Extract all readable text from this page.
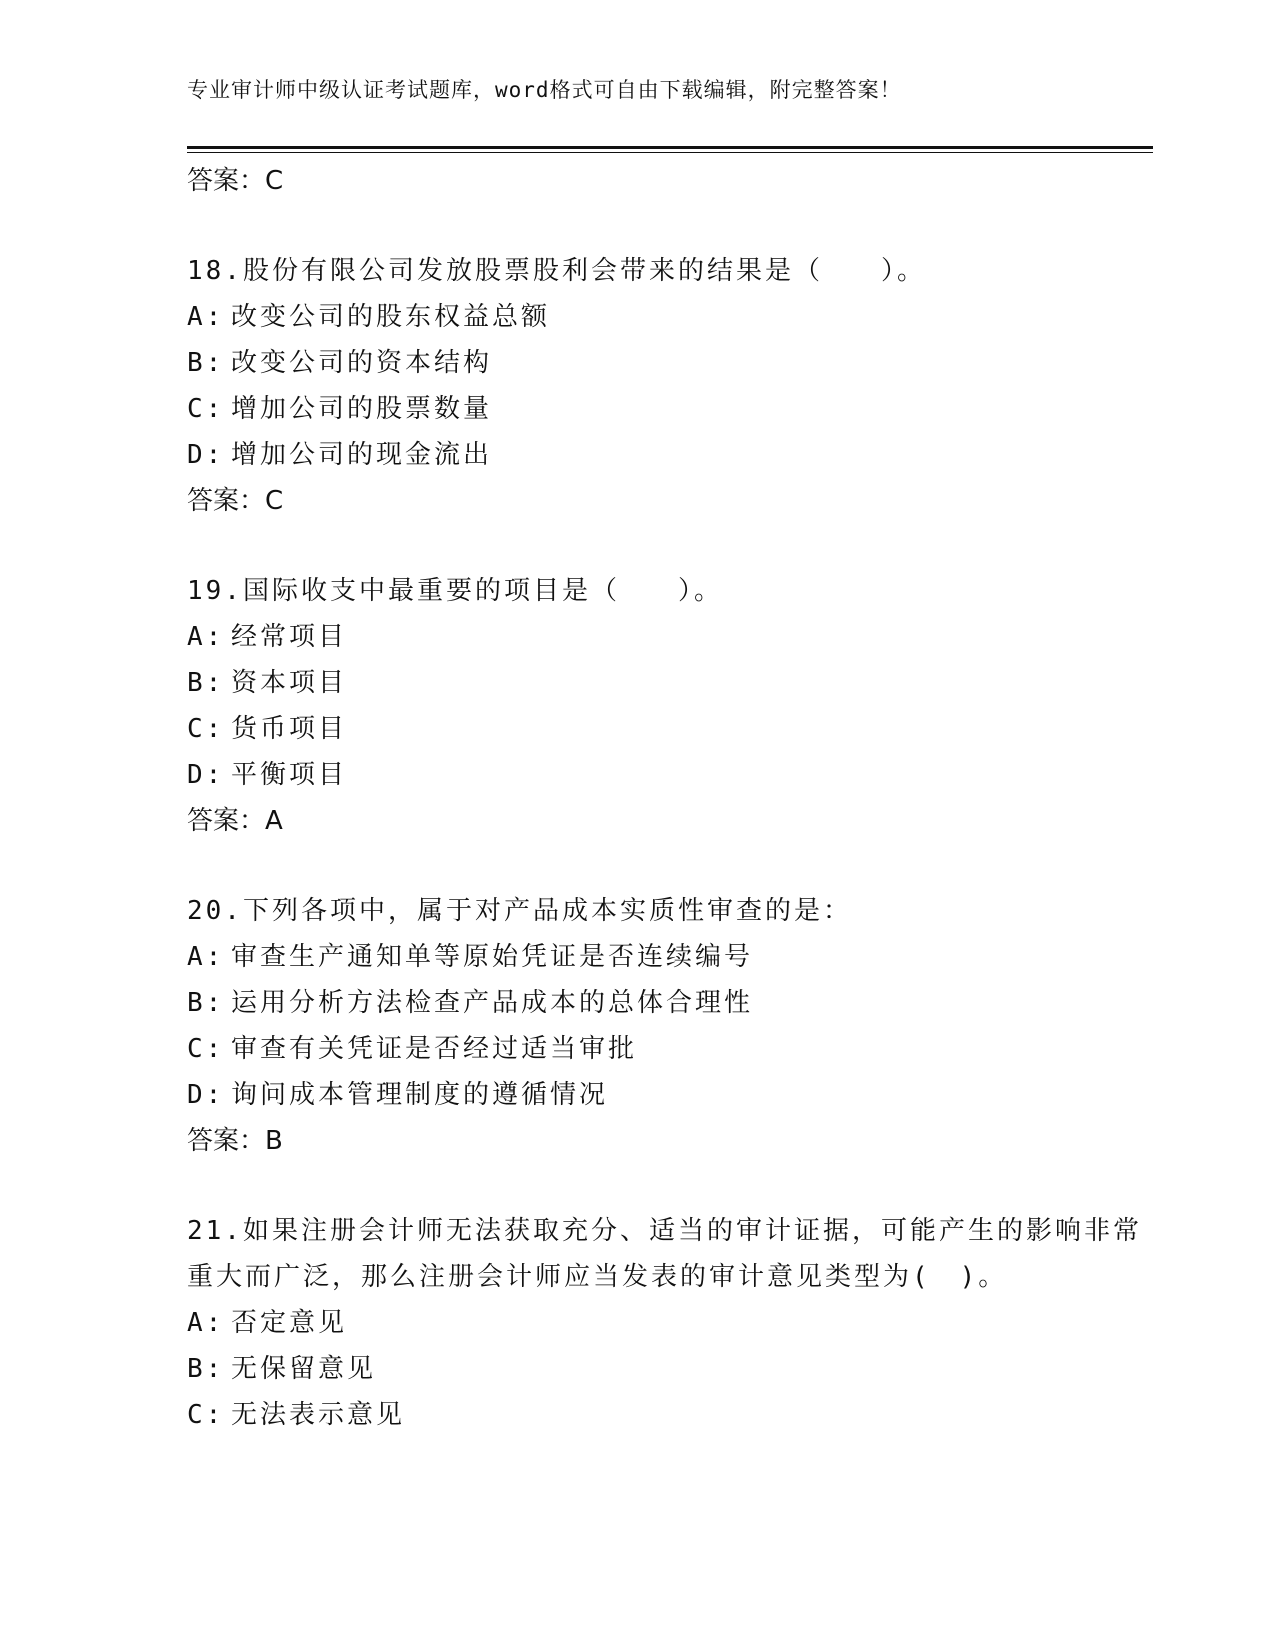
专业审计师中级认证考试题库，word格式可自由下载编辑，附完整答案！
答案：C
18.股份有限公司发放股票股利会带来的结果是（　　）。
A: 改变公司的股东权益总额
B: 改变公司的资本结构
C: 增加公司的股票数量
D: 增加公司的现金流出
答案：C
19.国际收支中最重要的项目是（　　）。
A: 经常项目
B: 资本项目
C: 货币项目
D: 平衡项目
答案：A
20.下列各项中，属于对产品成本实质性审查的是：
A: 审查生产通知单等原始凭证是否连续编号
B: 运用分析方法检查产品成本的总体合理性
C: 审查有关凭证是否经过适当审批
D: 询问成本管理制度的遵循情况
答案：B
21.如果注册会计师无法获取充分、适当的审计证据，可能产生的影响非常重大而广泛，那么注册会计师应当发表的审计意见类型为(　)。
A: 否定意见
B: 无保留意见
C: 无法表示意见
